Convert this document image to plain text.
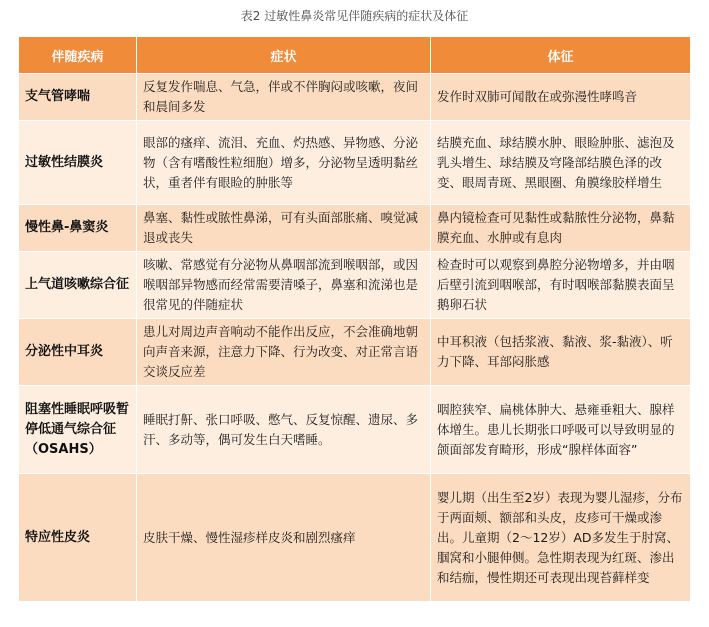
表2 过敏性鼻炎常见伴随疾病的症状及体征
伴随疾病	症状	体征
支气管哮喘	反复发作喘息、气急，伴或不伴胸闷或咳嗽，夜间和晨间多发	发作时双肺可闻散在或弥漫性哮鸣音
过敏性结膜炎	眼部的瘙痒、流泪、充血、灼热感、异物感、分泌物（含有嗜酸性粒细胞）增多，分泌物呈透明黏丝状，重者伴有眼睑的肿胀等	结膜充血、球结膜水肿、眼睑肿胀、滤泡及乳头增生、球结膜及穹隆部结膜色泽的改变、眼周青斑、黑眼圈、角膜缘胶样增生
慢性鼻-鼻窦炎	鼻塞、黏性或脓性鼻涕，可有头面部胀痛、嗅觉减退或丧失	鼻内镜检查可见黏性或黏脓性分泌物，鼻黏膜充血、水肿或有息肉
上气道咳嗽综合征	咳嗽、常感觉有分泌物从鼻咽部流到喉咽部，或因喉咽部异物感而经常需要清嗓子，鼻塞和流涕也是很常见的伴随症状	检查时可以观察到鼻腔分泌物增多，并由咽后壁引流到咽喉部，有时咽喉部黏膜表面呈鹅卵石状
分泌性中耳炎	患儿对周边声音响动不能作出反应，不会准确地朝向声音来源，注意力下降、行为改变、对正常言语交谈反应差	中耳积液（包括浆液、黏液、浆-黏液）、听力下降、耳部闷胀感
阻塞性睡眠呼吸暂停低通气综合征（OSAHS）	睡眠打鼾、张口呼吸、憋气、反复惊醒、遗尿、多汗、多动等，偶可发生白天嗜睡。	咽腔狭窄、扁桃体肿大、悬雍垂粗大、腺样体增生。患儿长期张口呼吸可以导致明显的颌面部发育畸形，形成“腺样体面容”
特应性皮炎	皮肤干燥、慢性湿疹样皮炎和剧烈瘙痒	婴儿期（出生至2岁）表现为婴儿湿疹，分布于两面颊、额部和头皮，皮疹可干燥或渗出。儿童期（2～12岁）AD多发生于肘窝、腘窝和小腿伸侧。急性期表现为红斑、渗出和结痂，慢性期还可表现出现苔藓样变
